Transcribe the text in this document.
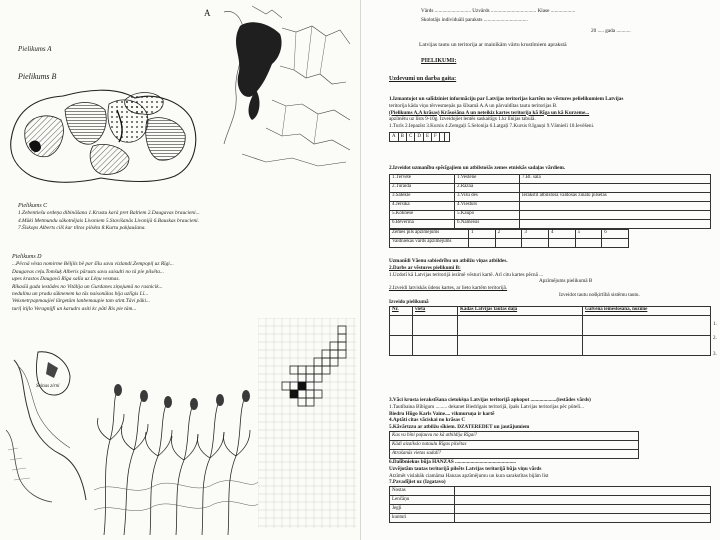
Pielikums A
Pielikums B
A
Pielikums C
1.Zebentiešu ordeņa dibināšana 1.Krustu karā pret Baltiem 2.Daugavas braucieni...
4.Mūki Metmundu sākotnējais Livoniem 5.Stavišanās Livonijā 6.Bauskas braucieni.
7.Šīskops Alberts cilš kar tiltos pilsēta 8.Kurtu pakļaušana.
Pielikums D
...Pēcnā vēsta nomirme Bēljils bē par šīlu savu vizlandi.Zempopiļ uz Rīgi...
Daugavas ceļu.Tomšuķ Alberis pārusts savu saisulti no tā pie pilsēta...
upes krastos Daugavā Rīga salīa uz Lēņu vesmas.
Rīkasīā gada iestādes no Vitālija un Gurdanes ziņojumā no rasnicik...
nedulinu un pradu sūknenem ka tās naisonūlas bija uzlīgis Lī...
Veksnetrpapmaujiel lārgetām lanbemaupie tam stint.Tāvi pāki...
turiļ itijlo Veragnijfi un karudrs asiti kc pāti Ris pie tām...
Seinas zirni
Vārds ............................ Uzvārds ................................... Klase ...................
Skolotājs individuāli paraksts ..................................
20 ..... gada ...........
Latvijas tautu un teritorija ar mainīkām vārtu krustīmiem aprakstā
PIELIKUMI:
Uzdevumi un darba gaita:
1.Izmantojot un salīdziniet informāciju par Latvijas teritorijas kartēm no vēstures pelielikumiem Latvijas
teritorija kāda viņu tērvesmeņās pa šīlsamā A.A un pārvaldītas tautu teritorijas B.
(Pielikums A,A krāsas) Krāsošāna A un neteikiz kartes teritorija kā Rīga un kā Kurzeme...
apzīmētu uz līsts 9-10g. Izveidojiet lentēs saskaitīgs 1.kr līnijas tabulā.
1.Turīs 2.Iepazīst 3.Kursis 4.Zemgaļi 5.Selonija 6.Latgaļi 7.Kursis 8.Igauņi 9.Vāmieši 10.Ievēšeni.
A	B	C	D	E	F		
2.Izveidot uzmanību spēcīgajiem un atbilstošās zemes etniskās sadaļas vārdiem.
1.Tērvete	1.Vestene	7.Bl. sala
2.Turaida	2.Rāznā	
3.Satekle	3.Višu dēs	Ierakstīt atbilstošā valdošās zinātu pilsētas
4.Jersika	4.Viesturs	
5.Koknese	5.Kaupo	
6.Beverīna	6.Nameisis	
Zemes pils apzīmējums	1	2	3	4	5	6
Valdniekas vārds apzīmējums						
Uzmanīdi Vāenu sabiedrību un atbilžu viņas atbildes.
2.Darbs ar vēstures pielikumi B:
1.Uzdotī kā Latvijas teritorijā iezīmē vēsturi kartē. Arī citu kartes pēcnā ...
Apzīmējums pielikumā B
2.Izveidi latviskās ūdens kartes, ar lieto kartēm teritorijā.
Izveidot tautu nošķirtībā sistēmu tautu.
Izveido pielikumā
Nr.	vieta	Kādas Latvijas tautas daļā	Galvenā iemeslošana, nozīme

1.
2.
3.
3.Vāci krusta ierakstīšana cietokšņa Latvijas teritorijā apkopot ....................(iestādes vārds)
1.Tautībaina Bībīgum ......... dekanet Biedrīgais teritorijā, īpašs Latvijas teritorijas pēc pūtelī...
Biedru Hūgo Karls Vaine.... vikmuruņa ir kartē
4.Aptāti citas vāciskai no krāsas C
5.Kāvārtzzu ar atbilžu sīkiem. DZATEREDET un jautājumiem
Kas vu bīni paļauvu no kā atbildija Rīgai?
Kādi aizaikslo nataulu Rīgas pilsētas
Atrašanās vietas sadalī?
6.Dalībniekus būja HANZAS ...............................................
Uzvējotām tautas teritorijā pilsēts Latvijas teritorijā būja viņu vārds
Atzīmēt vislabāk ciamāma Hanzas apzīmējumu un kura sarakstītas bijām līst
7.Pavadījiet uz (Izgatavo)
Nostas	
Lenčāņu	
Jegļi	
kunturi	
